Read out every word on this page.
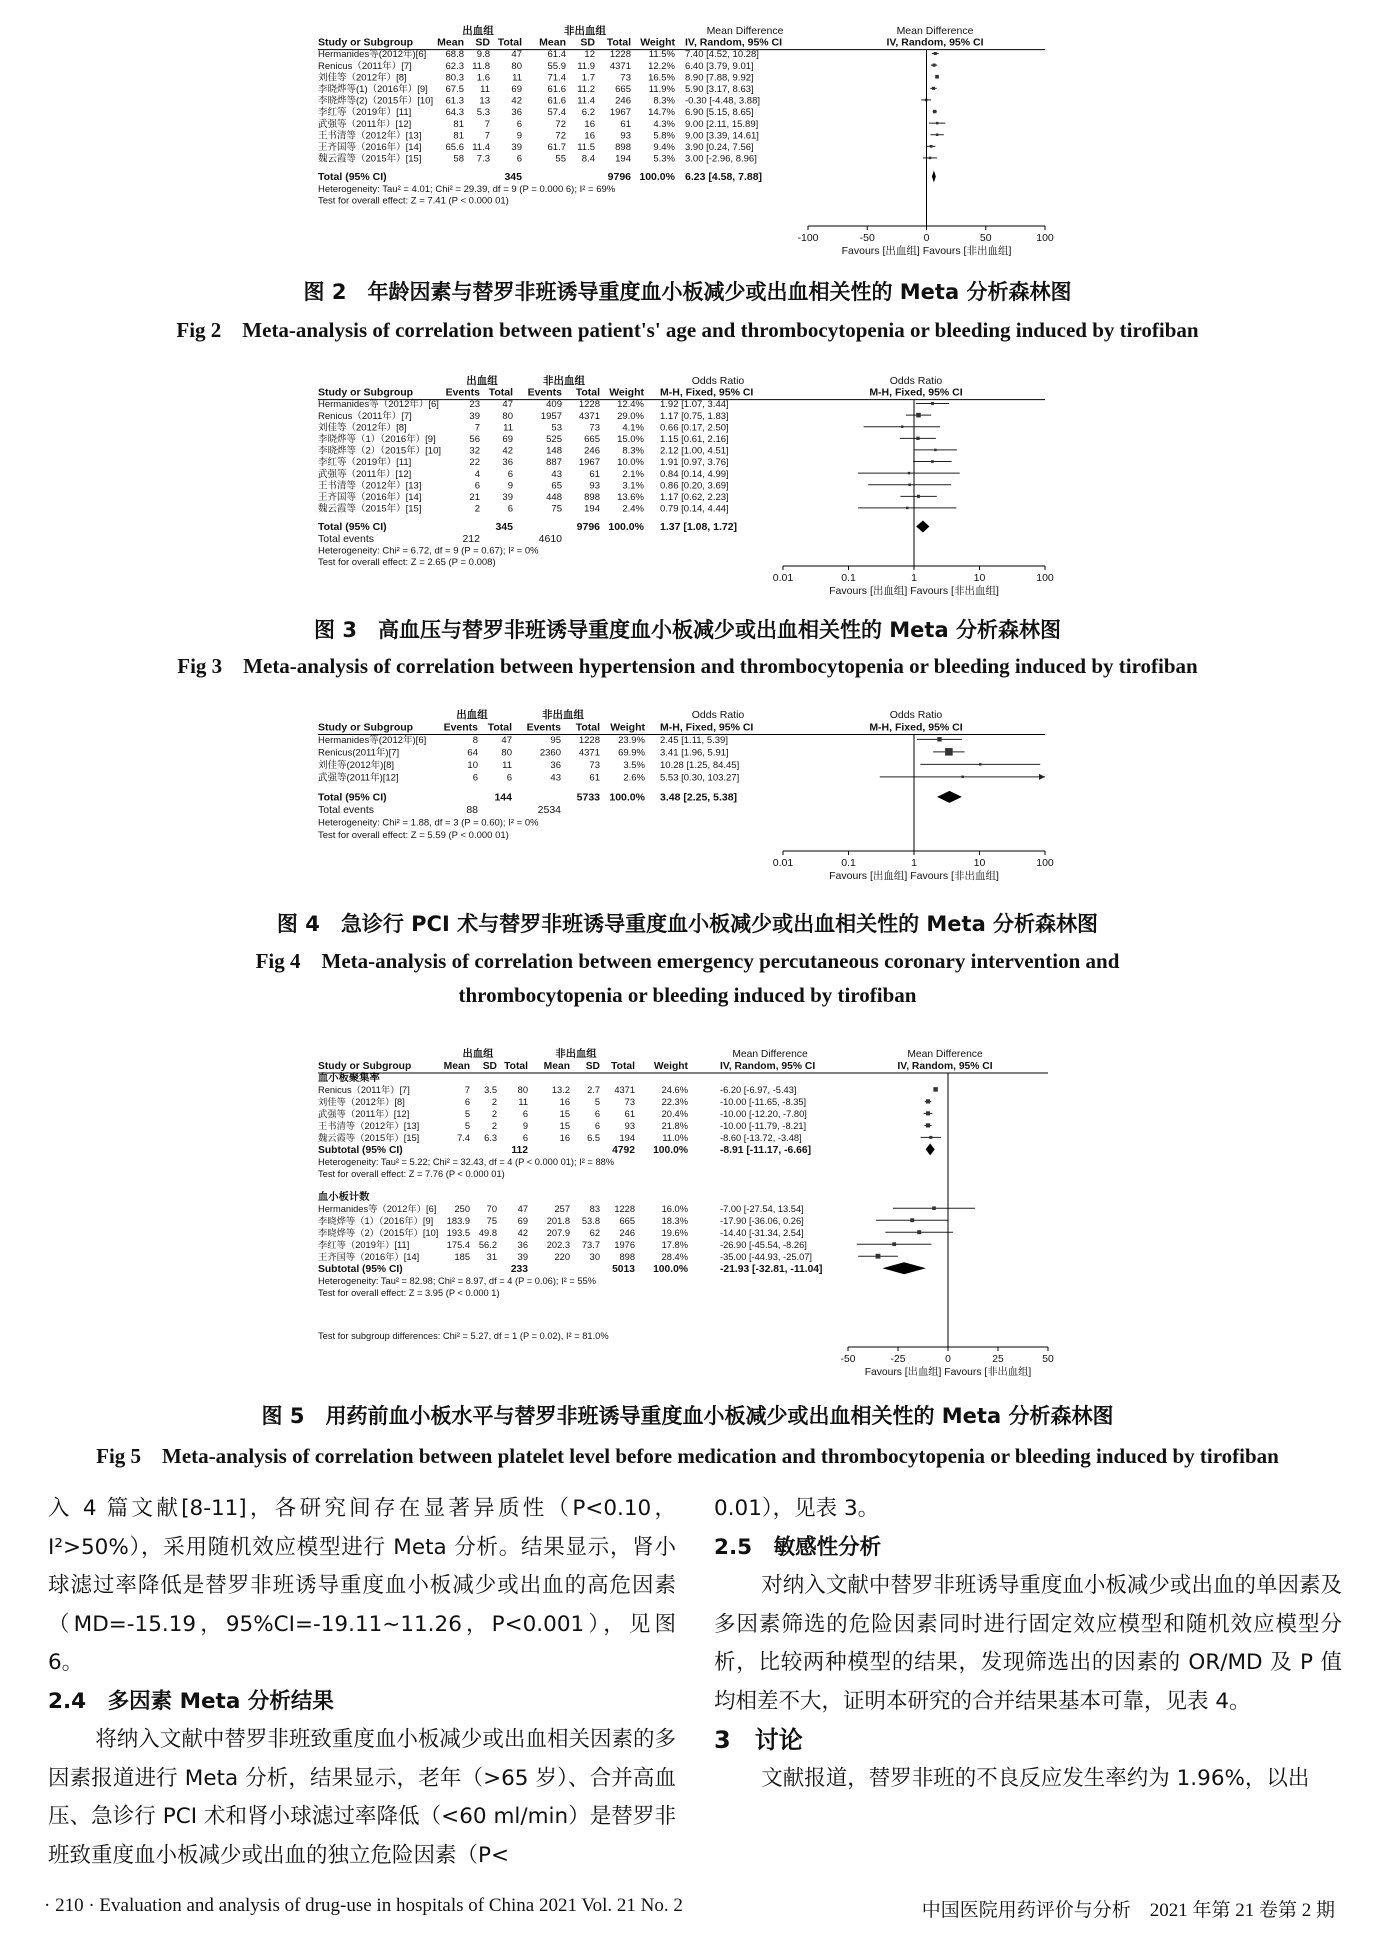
出血组	非出血组	Mean Difference	Mean Difference
Study or Subgroup Mean SD Total Mean SD Total Weight IV, Random, 95% CI	IV, Random, 95% CI
Hermanides等(2012年)[6] 68.8 9.8 47	61.4 12 1228 11.5% 7.40 [4.52, 10.28]
Renicus（2011年）[7]	62.3 11.8 80	55.9 11.9 4371 12.2% 6.40 [3.79, 9.01]
刘佳等（2012年）[8]	80.3 1.6 11	71.4 1.7	73 16.5% 8.90 [7.88, 9.92]
李晓烨等(1)（2016年）[9] 67.5 11 69	61.6 11.2 665 11.9% 5.90 [3.17, 8.63]
李晓烨等(2)（2015年）[10] 61.3 13 42	61.6 11.4 246 8.3% -0.30 [-4.48, 3.88]
李红等（2019年）[11]	64.3 5.3 36	57.4 6.2 1967 14.7% 6.90 [5.15, 8.65]
武强等（2011年）[12]	81 7	6	72 16	61 4.3% 9.00 [2.11, 15.89]
王书清等（2012年）[13]	81 7	9	72 16	93 5.8% 9.00 [3.39, 14.61]
王齐国等（2016年）[14]	65.6 11.4 39	61.7 11.5 898 9.4% 3.90 [0.24, 7.56]
魏云霞等（2015年）[15]	58 7.3	6	55 8.4 194 5.3% 3.00 [-2.96, 8.96]
Total (95% CI)	345	9796 100.0% 6.23 [4.58, 7.88]
Heterogeneity: Tau² = 4.01; Chi² = 29.39, df = 9 (P = 0.000 6); I² = 69%
Test for overall effect: Z = 7.41 (P < 0.000 01)
-100	-50	0	50	100
Favours [出血组] Favours [非出血组]
出血组	非出血组	Odds Ratio	Odds Ratio
Study or Subgroup	Events Total Events Total Weight M-H, Fixed, 95% CI	M-H, Fixed, 95% CI
Hermanides等（2012年）[6]	23 47	409 1228 12.4% 1.92 [1.07, 3.44]
Renicus（2011年）[7]	39 80	1957 4371 29.0% 1.17 [0.75, 1.83]
刘佳等（2012年）[8]	7 11	53	73 4.1% 0.66 [0.17, 2.50]
李晓烨等（1）（2016年）[9]	56 69	525 665 15.0% 1.15 [0.61, 2.16]
李晓烨等（2）（2015年）[10]	32 42	148 246 8.3% 2.12 [1.00, 4.51]
李红等（2019年）[11]	22 36	887 1967 10.0% 1.91 [0.97, 3.76]
武强等（2011年）[12]	4	6	43	61 2.1% 0.84 [0.14, 4.99]
王书清等（2012年）[13]	6	9	65	93 3.1% 0.86 [0.20, 3.69]
王齐国等（2016年）[14]	21 39	448 898 13.6% 1.17 [0.62, 2.23]
魏云霞等（2015年）[15]	2	6	75 194 2.4% 0.79 [0.14, 4.44]
Total (95% CI)	345	9796 100.0% 1.37 [1.08, 1.72]
Total events	212	4610
Heterogeneity: Chi² = 6.72, df = 9 (P = 0.67); I² = 0%
Test for overall effect: Z = 2.65 (P = 0.008)
0.01	0.1	1	10	100
Favours [出血组] Favours [非出血组]
出血组	非出血组	Odds Ratio	Odds Ratio
Study or Subgroup	Events Total Events Total Weight M-H, Fixed, 95% CI	M-H, Fixed, 95% CI
Hermanides等(2012年)[6]	8 47	95 1228 23.9% 2.45 [1.11, 5.39]
Renicus(2011年)[7]	64 80	2360 4371 69.9% 3.41 [1.96, 5.91]
刘佳等(2012年)[8]	10	11	36	73 3.5% 10.28 [1.25, 84.45]
武强等(2011年)[12]	6	6	43	61 2.6% 5.53 [0.30, 103.27]
Total (95% CI)	144	5733 100.0% 3.48 [2.25, 5.38]
Total events	88	2534
Heterogeneity: Chi² = 1.88, df = 3 (P = 0.60); I² = 0%
Test for overall effect: Z = 5.59 (P < 0.000 01)
0.01	0.1	1	10	100
Favours [出血组] Favours [非出血组]
出血组	非出血组	Mean Difference	Mean Difference
Study or Subgroup	Mean SD Total Mean SD Total Weight	IV, Random, 95% CI	IV, Random, 95% CI
血小板聚集率
Renicus（2011年）[7]	7 3.5 80	13.2 2.7 4371	24.6%	-6.20 [-6.97, -5.43]
刘佳等（2012年）[8]	6 2 11	16	5	73	22.3%	-10.00 [-11.65, -8.35]
武强等（2011年）[12]	5 2	6	15	6	61	20.4%	-10.00 [-12.20, -7.80]
王书清等（2012年）[13]	5 2	9	15	6	93	21.8%	-10.00 [-11.79, -8.21]
魏云霞等（2015年）[15]	7.4 6.3	6	16 6.5 194	11.0%	-8.60 [-13.72, -3.48]
Subtotal (95% CI)	112	4792 100.0%	-8.91 [-11.17, -6.66]
Heterogeneity: Tau² = 5.22; Chi² = 32.43, df = 4 (P < 0.000 01); I² = 88%
Test for overall effect: Z = 7.76 (P < 0.000 01)
血小板计数
Hermanides等（2012年）[6] 250 70 47	257 83 1228	16.0%	-7.00 [-27.54, 13.54]
李晓烨等（1）（2016年）[9] 183.9 75 69 201.8 53.8 665	18.3%	-17.90 [-36.06, 0.26]
李晓烨等（2）（2015年）[10] 193.5 49.8 42 207.9 62 246	19.6%	-14.40 [-31.34, 2.54]
李红等（2019年）[11]	175.4 56.2 36 202.3 73.7 1976	17.8%	-26.90 [-45.54, -8.26]
王齐国等（2016年）[14]	185 31 39	220 30 898	28.4%	-35.00 [-44.93, -25.07]
Subtotal (95% CI)	233	5013 100.0%	-21.93 [-32.81, -11.04]
Heterogeneity: Tau² = 82.98; Chi² = 8.97, df = 4 (P = 0.06); I² = 55%
Test for overall effect: Z = 3.95 (P < 0.000 1)
Test for subgroup differences: Chi² = 5.27, df = 1 (P = 0.02), I² = 81.0%
-50	-25	0	25	50
Favours [出血组] Favours [非出血组]
图 2　年龄因素与替罗非班诱导重度血小板减少或出血相关性的 Meta 分析森林图
Fig 2　Meta-analysis of correlation between patient's' age and thrombocytopenia or bleeding induced by tirofiban
图 3　高血压与替罗非班诱导重度血小板减少或出血相关性的 Meta 分析森林图
Fig 3　Meta-analysis of correlation between hypertension and thrombocytopenia or bleeding induced by tirofiban
图 4　急诊行 PCI 术与替罗非班诱导重度血小板减少或出血相关性的 Meta 分析森林图
Fig 4　Meta-analysis of correlation between emergency percutaneous coronary intervention and
thrombocytopenia or bleeding induced by tirofiban
图 5　用药前血小板水平与替罗非班诱导重度血小板减少或出血相关性的 Meta 分析森林图
Fig 5　Meta-analysis of correlation between platelet level before medication and thrombocytopenia or bleeding induced by tirofiban

入 4 篇文献[8-11]，各研究间存在显著异质性（P<0.10，I²>50%），采用随机效应模型进行 Meta 分析。结果显示，肾小球滤过率降低是替罗非班诱导重度血小板减少或出血的高危因素（MD=-15.19，95%CI=-19.11~11.26，P<0.001），见图 6。

2.4　多因素 Meta 分析结果

将纳入文献中替罗非班致重度血小板减少或出血相关因素的多因素报道进行 Meta 分析，结果显示，老年（>65 岁）、合并高血压、急诊行 PCI 术和肾小球滤过率降低（<60 ml/min）是替罗非班致重度血小板减少或出血的独立危险因素（P<

0.01），见表 3。

2.5　敏感性分析

对纳入文献中替罗非班诱导重度血小板减少或出血的单因素及多因素筛选的危险因素同时进行固定效应模型和随机效应模型分析，比较两种模型的结果，发现筛选出的因素的 OR/MD 及 P 值均相差不大，证明本研究的合并结果基本可靠，见表 4。

3　讨论

文献报道，替罗非班的不良反应发生率约为 1.96%，以出

· 210 · Evaluation and analysis of drug-use in hospitals of China 2021 Vol. 21 No. 2	中国医院用药评价与分析　2021 年第 21 卷第 2 期
